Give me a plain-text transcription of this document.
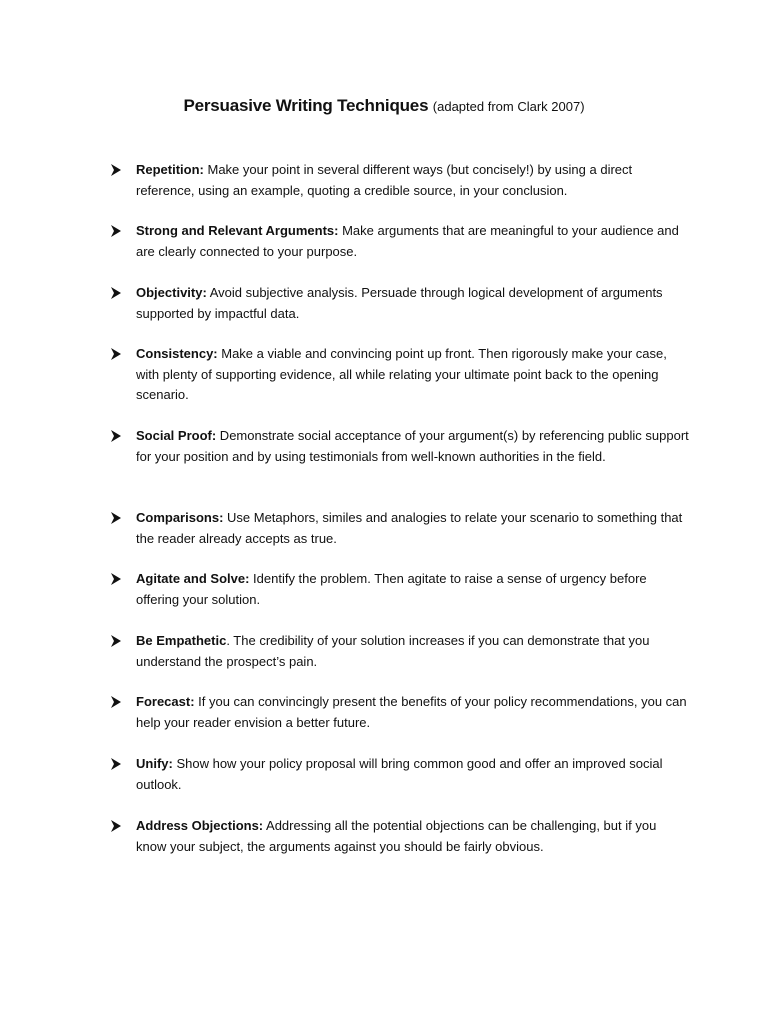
Persuasive Writing Techniques (adapted from Clark 2007)
Repetition: Make your point in several different ways (but concisely!) by using a direct reference, using an example, quoting a credible source, in your conclusion.
Strong and Relevant Arguments: Make arguments that are meaningful to your audience and are clearly connected to your purpose.
Objectivity: Avoid subjective analysis. Persuade through logical development of arguments supported by impactful data.
Consistency: Make a viable and convincing point up front. Then rigorously make your case, with plenty of supporting evidence, all while relating your ultimate point back to the opening scenario.
Social Proof: Demonstrate social acceptance of your argument(s) by referencing public support for your position and by using testimonials from well-known authorities in the field.
Comparisons: Use Metaphors, similes and analogies to relate your scenario to something that the reader already accepts as true.
Agitate and Solve: Identify the problem. Then agitate to raise a sense of urgency before offering your solution.
Be Empathetic. The credibility of your solution increases if you can demonstrate that you understand the prospect’s pain.
Forecast: If you can convincingly present the benefits of your policy recommendations, you can help your reader envision a better future.
Unify: Show how your policy proposal will bring common good and offer an improved social outlook.
Address Objections: Addressing all the potential objections can be challenging, but if you know your subject, the arguments against you should be fairly obvious.
